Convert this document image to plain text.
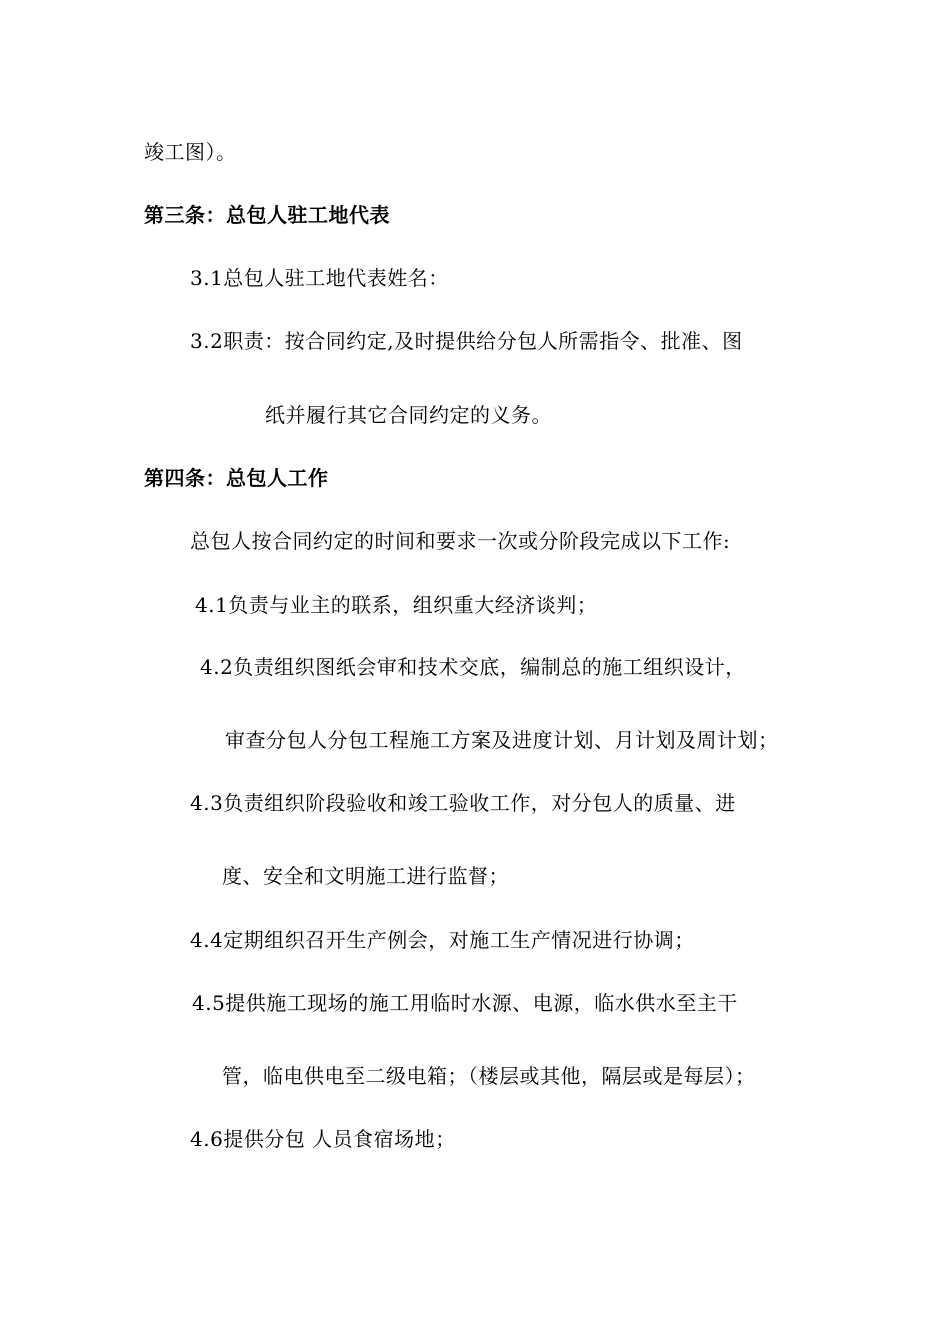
竣工图）。
第三条：总包人驻工地代表
3.1总包人驻工地代表姓名：
3.2职责：按合同约定,及时提供给分包人所需指令、批准、图
纸并履行其它合同约定的义务。
第四条：总包人工作
总包人按合同约定的时间和要求一次或分阶段完成以下工作:
4.1负责与业主的联系，组织重大经济谈判；
4.2负责组织图纸会审和技术交底，编制总的施工组织设计，
审查分包人分包工程施工方案及进度计划、月计划及周计划；
4.3负责组织阶段验收和竣工验收工作，对分包人的质量、进
度、安全和文明施工进行监督；
4.4定期组织召开生产例会，对施工生产情况进行协调；
4.5提供施工现场的施工用临时水源、电源，临水供水至主干
管，临电供电至二级电箱；（楼层或其他，隔层或是每层）；
4.6提供分包 人员食宿场地；
